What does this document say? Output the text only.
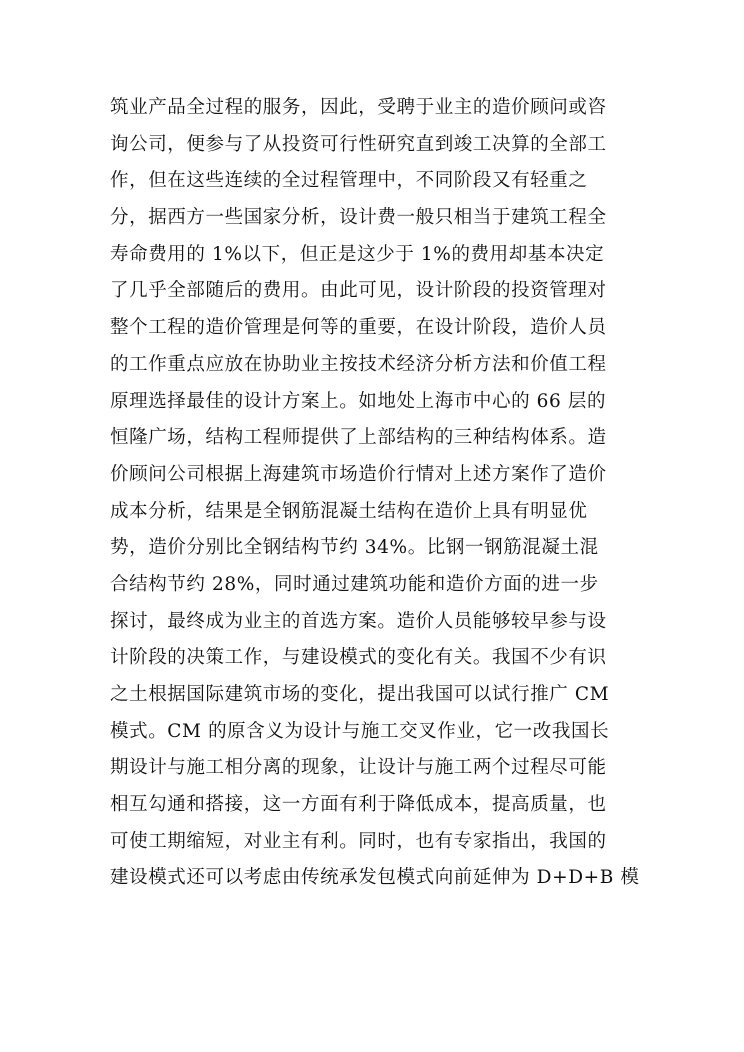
筑业产品全过程的服务，因此，受聘于业主的造价顾问或咨
询公司，便参与了从投资可行性研究直到竣工决算的全部工
作，但在这些连续的全过程管理中，不同阶段又有轻重之
分，据西方一些国家分析，设计费一般只相当于建筑工程全
寿命费用的 1%以下，但正是这少于 1%的费用却基本决定
了几乎全部随后的费用。由此可见，设计阶段的投资管理对
整个工程的造价管理是何等的重要，在设计阶段，造价人员
的工作重点应放在协助业主按技术经济分析方法和价值工程
原理选择最佳的设计方案上。如地处上海市中心的 66 层的
恒隆广场，结构工程师提供了上部结构的三种结构体系。造
价顾问公司根据上海建筑市场造价行情对上述方案作了造价
成本分析，结果是全钢筋混凝土结构在造价上具有明显优
势，造价分别比全钢结构节约 34%。比钢一钢筋混凝土混
合结构节约 28%，同时通过建筑功能和造价方面的进一步
探讨，最终成为业主的首选方案。造价人员能够较早参与设
计阶段的决策工作，与建设模式的变化有关。我国不少有识
之土根据国际建筑市场的变化，提出我国可以试行推广 CM
模式。CM 的原含义为设计与施工交叉作业，它一改我国长
期设计与施工相分离的现象，让设计与施工两个过程尽可能
相互勾通和搭接，这一方面有利于降低成本，提高质量，也
可使工期缩短，对业主有利。同时，也有专家指出，我国的
建设模式还可以考虑由传统承发包模式向前延伸为 D+D+B 模
